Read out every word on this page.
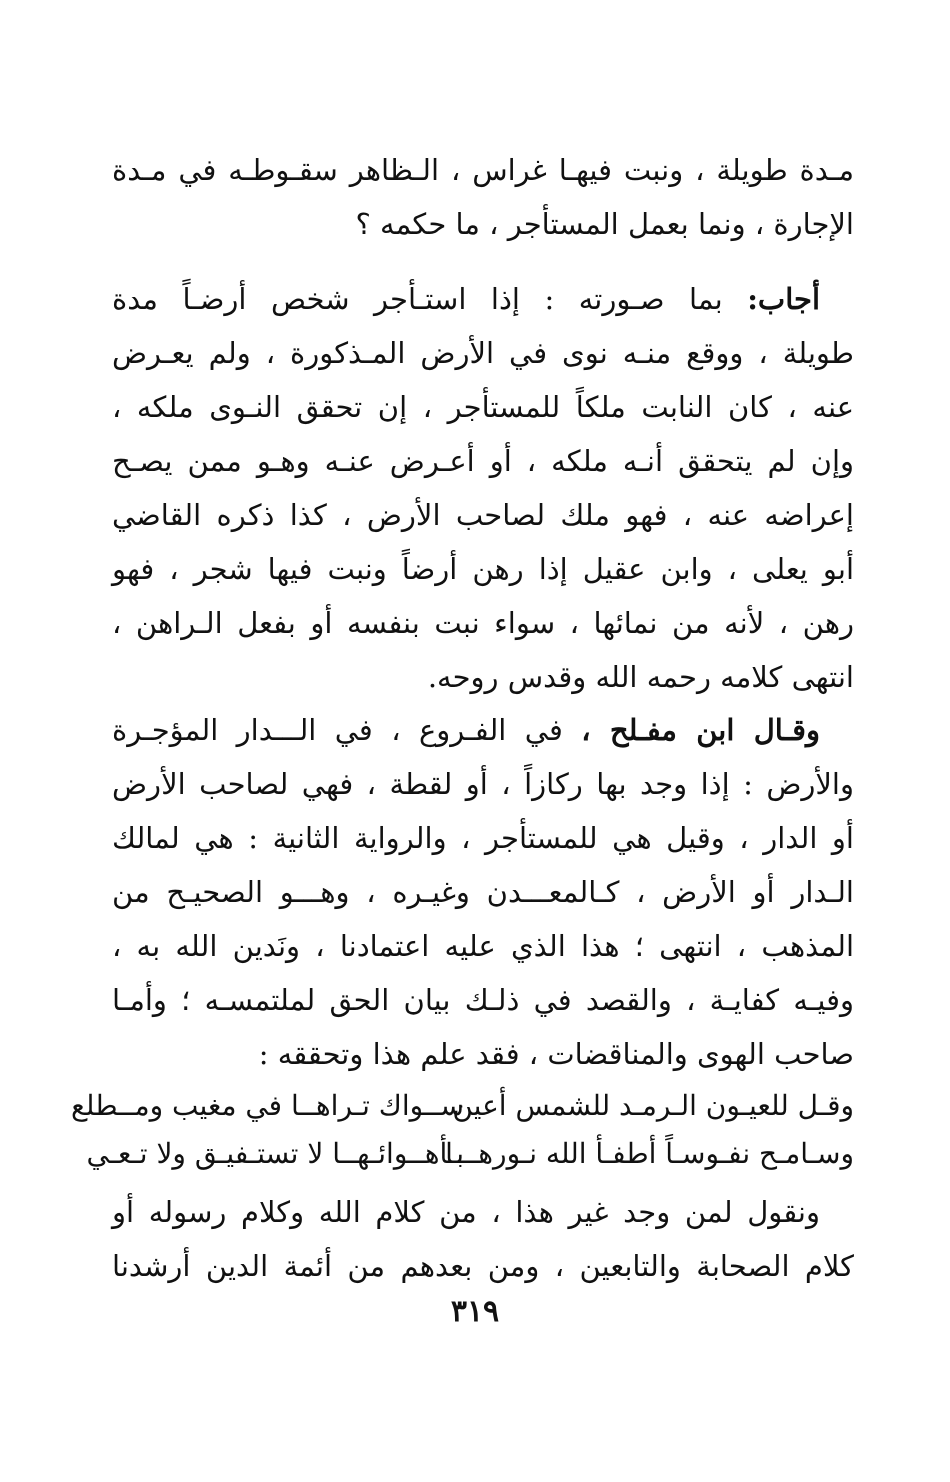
مـدة طويلة ، ونبت فيهـا غراس ، الـظاهر سقـوطـه في مـدة
الإجارة ، ونما بعمل المستأجر ، ما حكمه ؟
أجاب: بما صـورته : إذا استـأجر شخص أرضـاً مدة
طويلة ، ووقع منـه نوى في الأرض المـذكورة ، ولم يعـرض
عنه ، كان النابت ملكاً للمستأجر ، إن تحقق النـوى ملكه ،
وإن لم يتحقق أنـه ملكه ، أو أعـرض عنـه وهـو ممن يصـح
إعراضه عنه ، فهو ملك لصاحب الأرض ، كذا ذكره القاضي
أبو يعلى ، وابن عقيل إذا رهن أرضاً ونبت فيها شجر ، فهو
رهن ، لأنه من نمائها ، سواء نبت بنفسه أو بفعل الـراهن ،
انتهى كلامه رحمه الله وقدس روحه.
وقـال ابن مفـلح ، في الفـروع ، في الـــدار المؤجـرة
والأرض : إذا وجد بها ركازاً ، أو لقطة ، فهي لصاحب الأرض
أو الدار ، وقيل هي للمستأجر ، والرواية الثانية : هي لمالك
الـدار أو الأرض ، كـالمعـــدن وغيـره ، وهـــو الصحيـح من
المذهب ، انتهى ؛ هذا الذي عليه اعتمادنا ، ونَدين الله به ،
وفيـه كفايـة ، والقصد في ذلـك بيان الحق لملتمسـه ؛ وأمـا
صاحب الهوى والمناقضات ، فقد علم هذا وتحققه :
وقـل للعيـون الـرمـد للشمس أعين
ســواك تـراهــا في مغيب ومــطلع
وسـامـح نفـوسـاً أطفـأ الله نـورهـــا
بـأهــوائـهــا لا تستـفيـق ولا تـعـي
ونقول لمن وجد غير هذا ، من كلام الله وكلام رسوله أو
كلام الصحابة والتابعين ، ومن بعدهم من أئمة الدين أرشدنا
٣١٩
